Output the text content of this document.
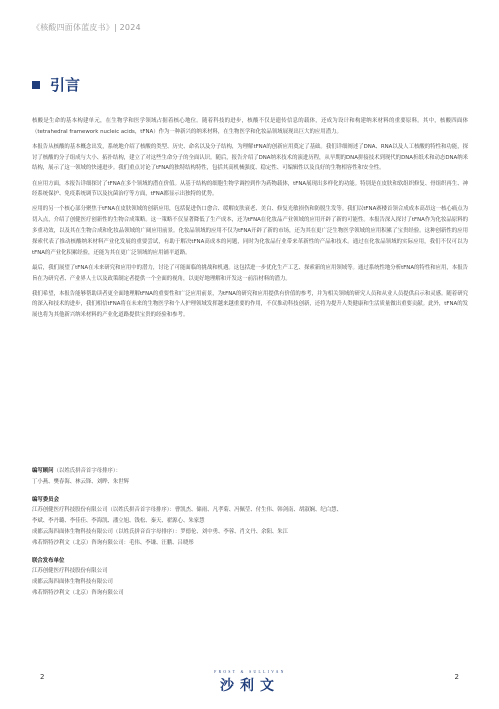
《核酸四面体蓝皮书》| 2024
引言

核酸是生命的基本构建单元，在生物学和医学领域占据着核心地位。随着科技的进步，核酸不仅是遗传信息的载体，还成为设计和构建纳米材料的重要原料。其中，核酸四面体（tetrahedral framework nucleic acids，tFNA）作为一种新兴的纳米材料，在生物医学和化妆品领域展现出巨大的应用潜力。

本报告从核酸的基本概念出发，系统地介绍了核酸的类型、历史、命名以及分子结构，为理解tFNA的创新应用奠定了基础。我们详细阐述了DNA、RNA以及人工核酸的特性和功能，探讨了核酸的分子组成与大小、拓扑结构，建立了对这些生命分子的全面认识。随后，报告介绍了DNA纳米技术的演进历程，从早期的DNA拼接技术到现代的DNA折纸术和动态DNA纳米结构，展示了这一领域的快速进步。我们重点讨论了tFNA的独特结构特性，包括其高机械强度、稳定性、可编辑性以及良好的生物相容性和安全性。

在应用方面，本报告详细探讨了tFNA在多个领域的潜在价值。从基于结构的细胞生物学调控到作为药物载体，tFNA展现出多样化的功能。特别是在皮肤和软组织修复、骨组织再生、神经系统保护、免疫系统调节以及抗菌治疗等方面，tFNA都显示出独特的优势。

应用的另一个核心部分聚焦于tFNA在皮肤领域的创新应用，包括促进伤口愈合、缓解皮肤衰老、美白、修复光敏损伤和防脱生发等。我们以tFNA赛楼首领合成成本高昂这一核心痛点为切入点，介绍了创健医疗创新性的生物合成策略。这一策略不仅显著降低了生产成本，还为tFNA在化妆品产业领域的应用开辟了新的可能性。本报告深入探讨了tFNA作为化妆品原料的多重功效，以及其在生物合成和化妆品领域的广阔应用前景。化妆品领域的应用不仅为tFNA开辟了新的市场，还为其在更广泛生物医学领域的应用积累了宝贵经验。这种创新性的应用探索代表了推动核酸纳米材料产业化发展的重要尝试，有助于解决tFNA高成本的问题，同时为化妆品行业带来革新性的产品和技术。通过在化妆品领域的实际应用，我们不仅可以为tFNA的产业化积累经验，还能为其在更广泛领域的应用铺平道路。

最后，我们展望了tFNA在未来研究和应用中的潜力，讨论了可能面临的挑战和机遇。这包括进一步优化生产工艺、探索新的应用领域等。通过系统性地分析tFNA的特性和应用，本报告旨在为研究者、产业界人士以及政策制定者提供一个全面的视角，以更好地理解和开发这一前沿材料的潜力。

我们希望，本报告能够帮助读者更全面地理解tFNA的重要性和广泛应用前景，为tFNA的研究和应用提供有价值的参考，并为相关领域的研究人员和从业人员提供启示和灵感。随着研究的深入和技术的进步，我们相信tFNA将在未来的生物医学和个人护理领域发挥越来越重要的作用，不仅推动科技创新，还将为提升人类健康和生活质量做出重要贡献。此外，tFNA的发展也将为其他新兴纳米材料的产业化道路提供宝贵的经验和参考。

编写顾问（以姓氏拼音首字母排序）：

丁小燕、樊春海、林云锋、刘晔、朱世辉

编写委员会

江苏创健医疗科技股份有限公司（以姓氏拼音首字母排序）：曹凯杰、储雨、凡孝菊、冯佩莹、付生伟、韩剑南、胡淑娴、纪白慧、

李斌、李丹璐、李佳佳、李海凯、潘立旭、钱松、秦天、翟源心、朱家慧

成都云海四面体生物科技有限公司（以姓氏拼音首字母排序）：罗德伦、刘中勇、李蓉、肖文丹、余阳、朱江

弗若斯特沙利文（北京）咨询有限公司：毛伟、李谦、汪鹏、吕晓彤

联合发布单位

江苏创健医疗科技股份有限公司

成都云海四面体生物科技有限公司

弗若斯特沙利文（北京）咨询有限公司

2
FROST & SULLIVAN
沙利文
2
